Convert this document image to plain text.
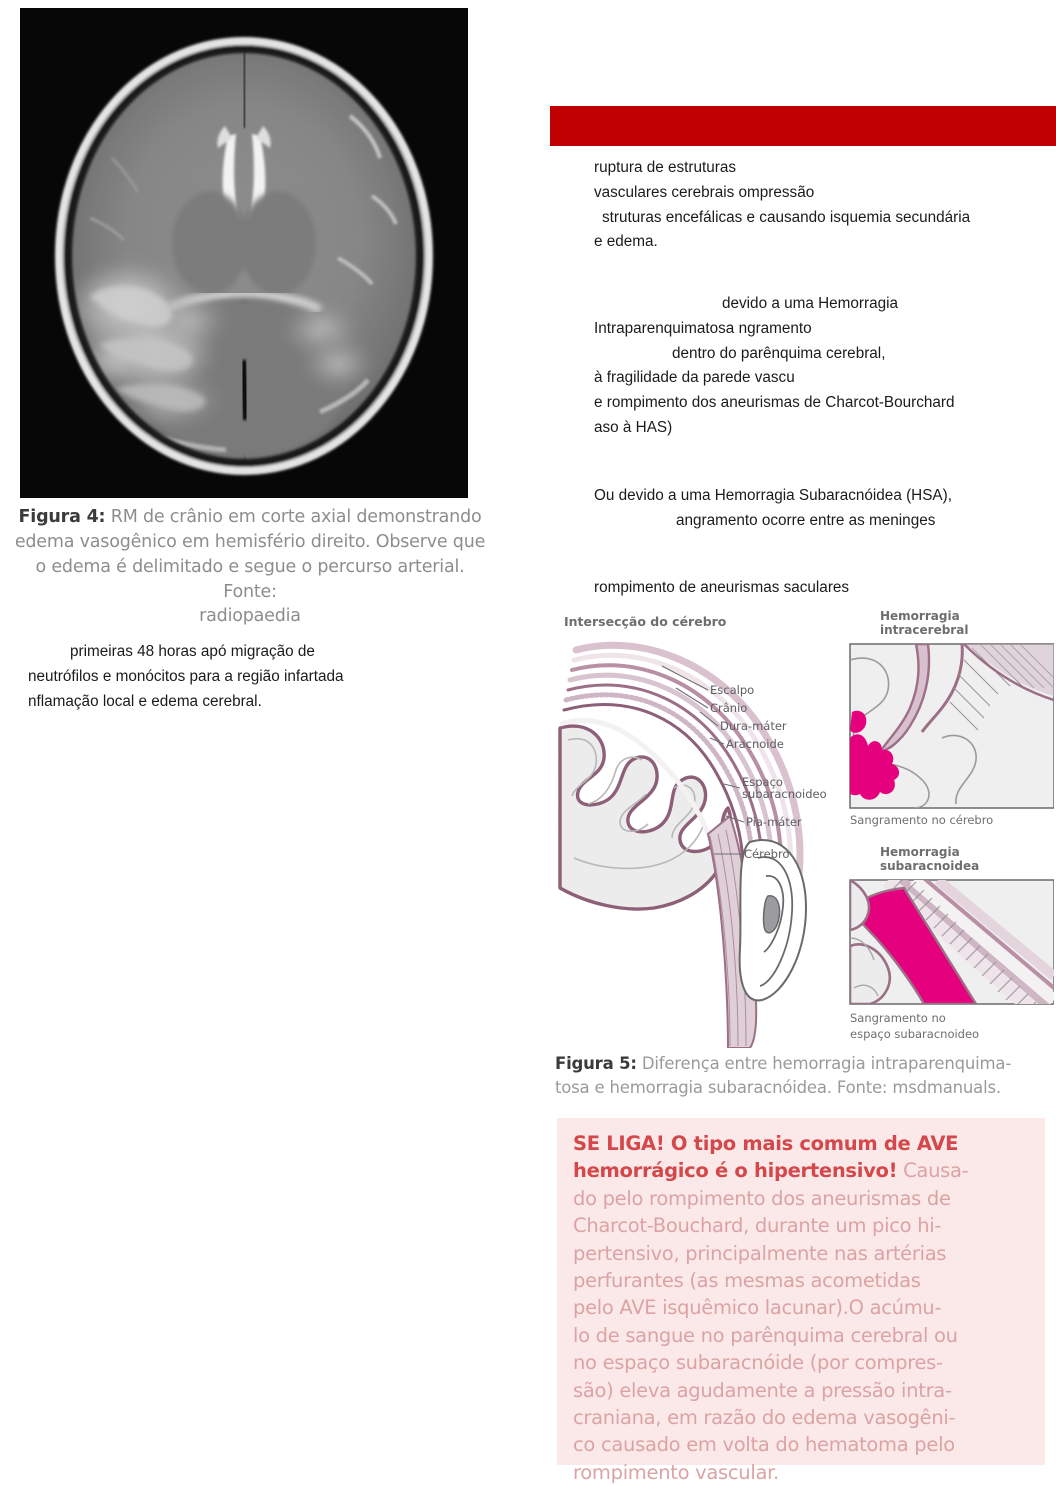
Figura 4: RM de crânio em corte axial demonstrando
edema vasogênico em hemisfério direito. Observe que
o edema é delimitado e segue o percurso arterial. Fonte:
radiopaedia
primeiras 48 horas apó migração de
neutrófilos e monócitos para a região infartada
nflamação local e edema cerebral.
ruptura de estruturas
vasculares cerebrais ompressão
struturas encefálicas e causando isquemia secundária
e edema.
devido a uma Hemorragia
Intraparenquimatosa ngramento
dentro do parênquima cerebral,
à fragilidade da parede vascu
e rompimento dos aneurismas de Charcot-Bourchard
aso à HAS)
Ou devido a uma Hemorragia Subaracnóidea (HSA),
angramento ocorre entre as meninges
rompimento de aneurismas saculares
Intersecção do cérebro
Escalpo
Crânio
Dura-máter
Aracnoide
Espaço
subaracnoideo
Pia-máter
Cérebro
Hemorragia
intracerebral
Sangramento no cérebro
Hemorragia
subaracnoidea
Sangramento no
espaço subaracnoideo
Figura 5: Diferença entre hemorragia intraparenquima-
tosa e hemorragia subaracnóidea. Fonte: msdmanuals.
SE LIGA! O tipo mais comum de AVE
hemorrágico é o hipertensivo! Causa-
do pelo rompimento dos aneurismas de
Charcot-Bouchard, durante um pico hi-
pertensivo, principalmente nas artérias
perfurantes (as mesmas acometidas
pelo AVE isquêmico lacunar).O acúmu-
lo de sangue no parênquima cerebral ou
no espaço subaracnóide (por compres-
são) eleva agudamente a pressão intra-
craniana, em razão do edema vasogêni-
co causado em volta do hematoma pelo
rompimento vascular.
